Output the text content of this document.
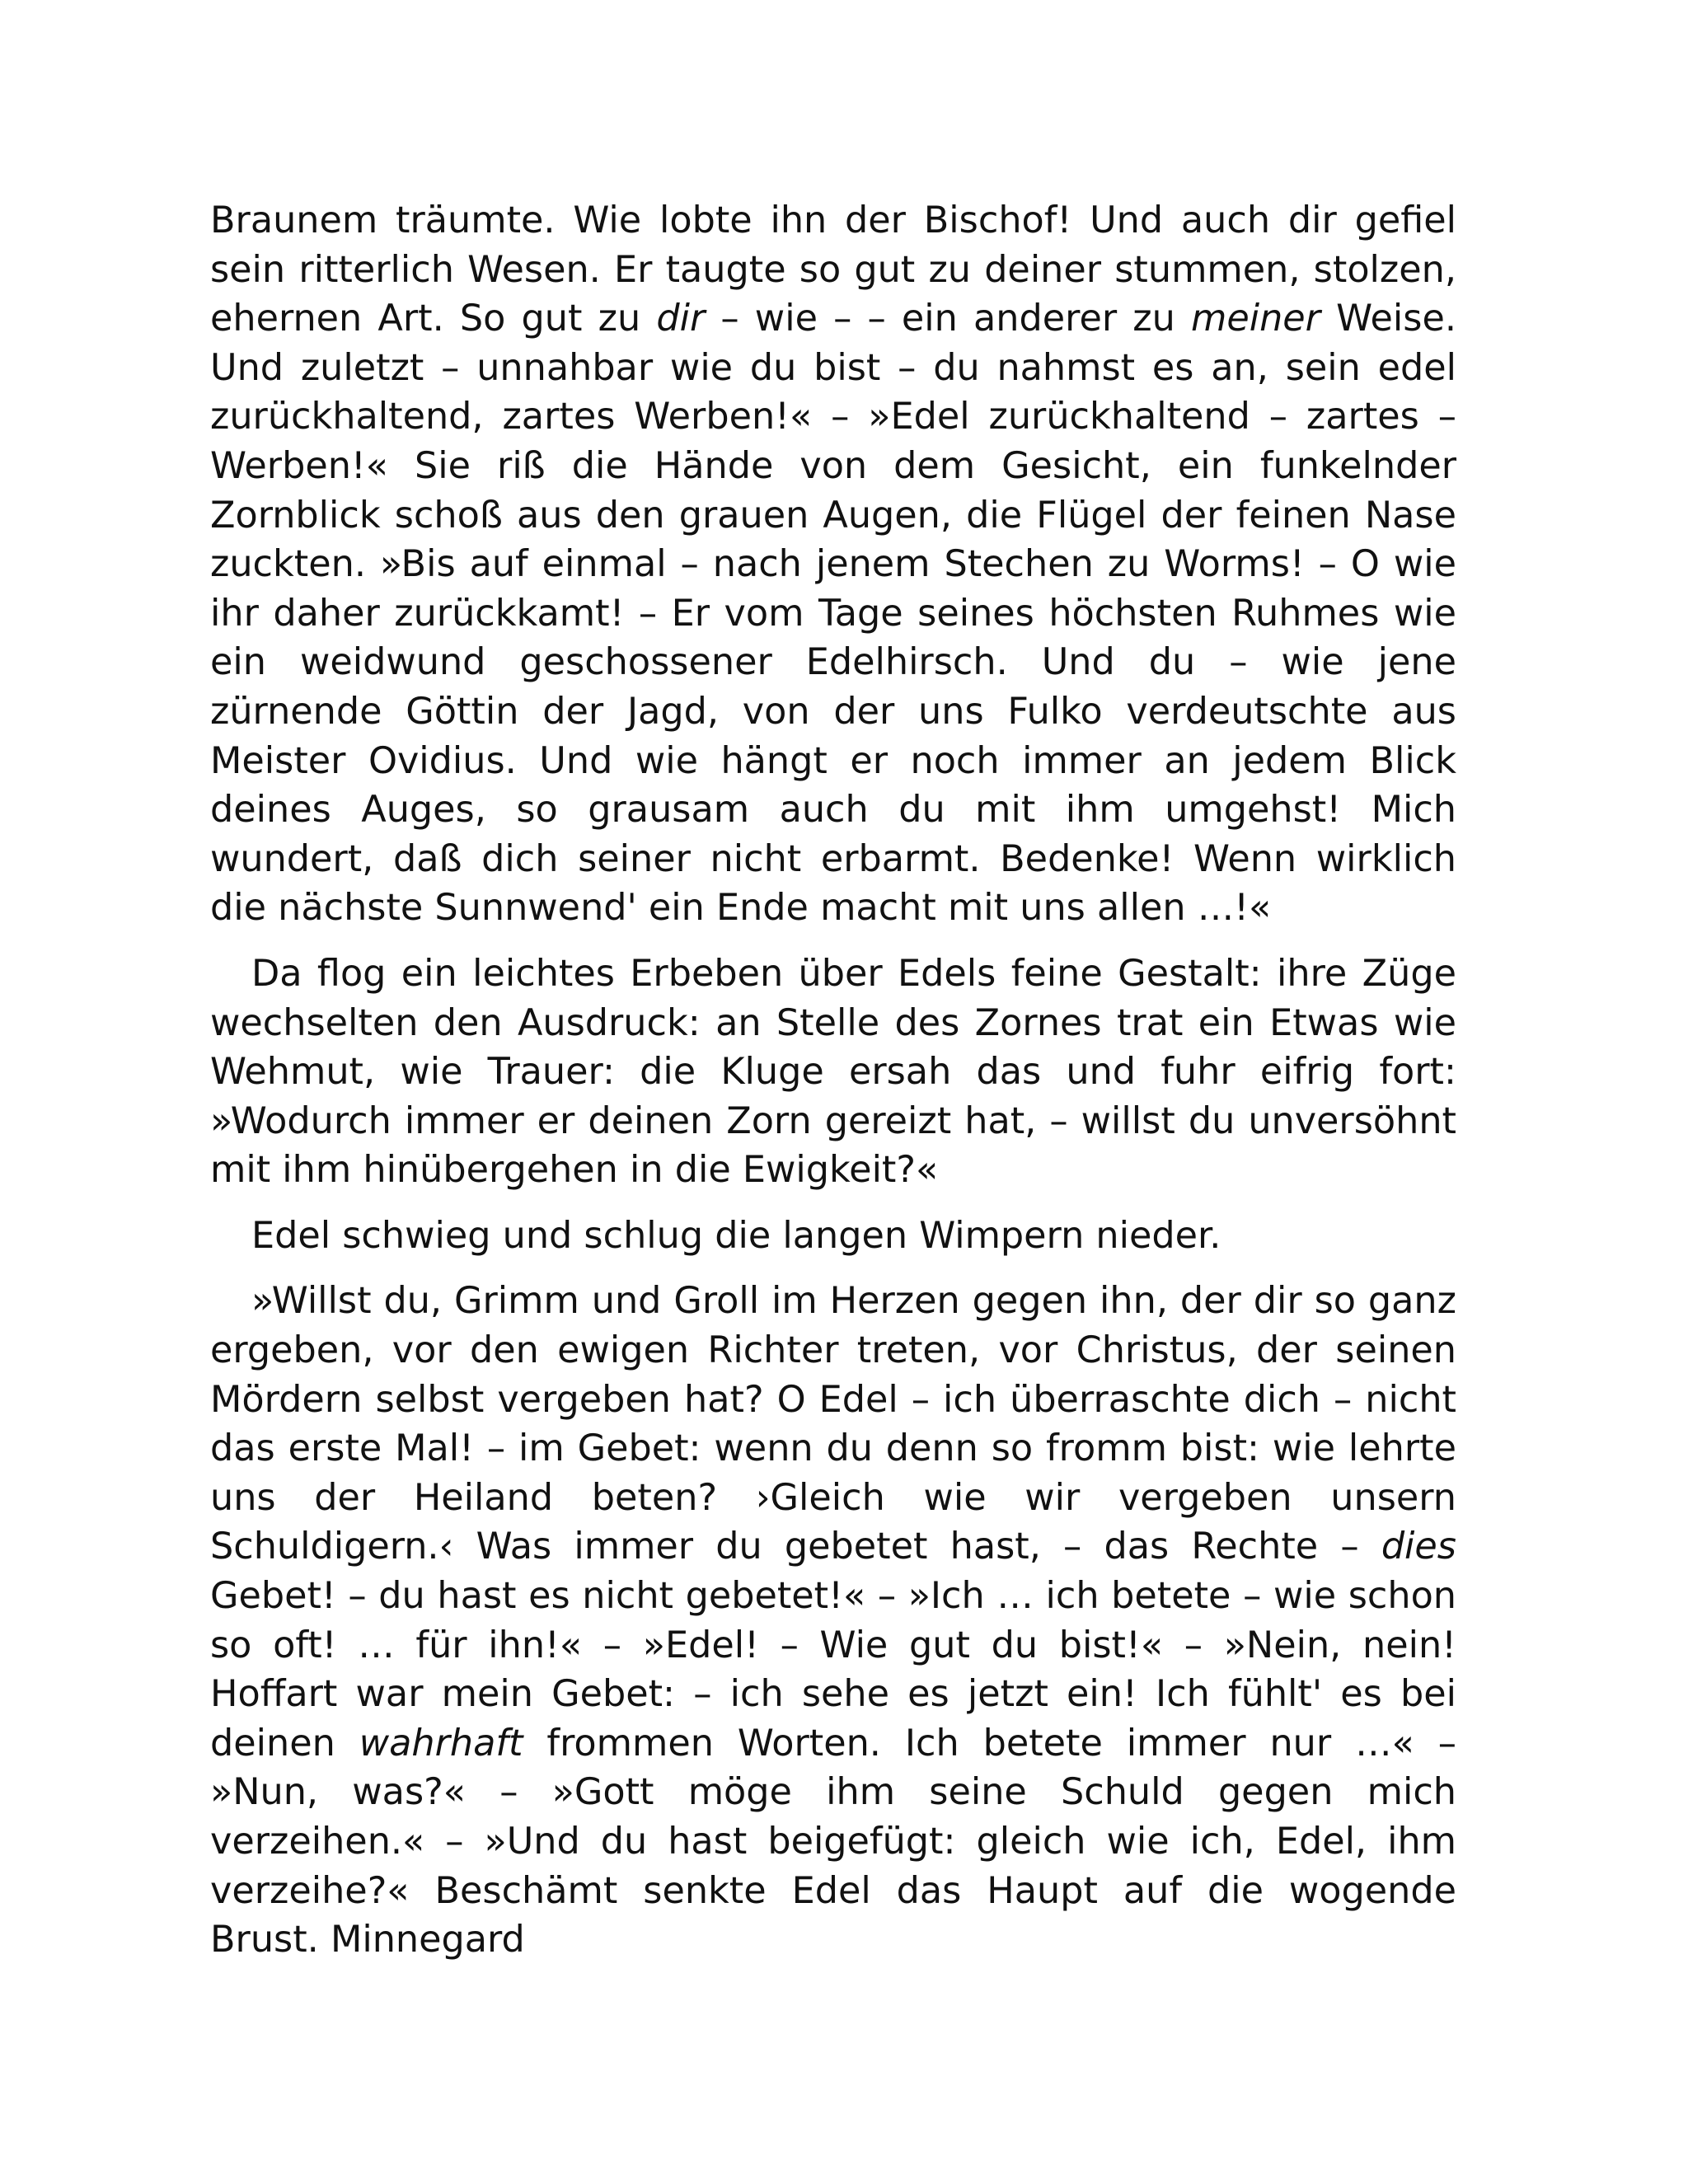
Braunem träumte. Wie lobte ihn der Bischof! Und auch dir gefiel sein ritterlich Wesen. Er taugte so gut zu deiner stummen, stolzen, ehernen Art. So gut zu dir – wie – – ein anderer zu meiner Weise. Und zuletzt – unnahbar wie du bist – du nahmst es an, sein edel zurückhaltend, zartes Werben!« – »Edel zurückhaltend – zartes – Werben!« Sie riß die Hände von dem Gesicht, ein funkelnder Zornblick schoß aus den grauen Augen, die Flügel der feinen Nase zuckten. »Bis auf einmal – nach jenem Stechen zu Worms! – O wie ihr daher zurückkamt! – Er vom Tage seines höchsten Ruhmes wie ein weidwund geschossener Edelhirsch. Und du – wie jene zürnende Göttin der Jagd, von der uns Fulko verdeutschte aus Meister Ovidius. Und wie hängt er noch immer an jedem Blick deines Auges, so grausam auch du mit ihm umgehst! Mich wundert, daß dich seiner nicht erbarmt. Bedenke! Wenn wirklich die nächste Sunnwend' ein Ende macht mit uns allen …!«

Da flog ein leichtes Erbeben über Edels feine Gestalt: ihre Züge wechselten den Ausdruck: an Stelle des Zornes trat ein Etwas wie Wehmut, wie Trauer: die Kluge ersah das und fuhr eifrig fort: »Wodurch immer er deinen Zorn gereizt hat, – willst du unversöhnt mit ihm hinübergehen in die Ewigkeit?«

Edel schwieg und schlug die langen Wimpern nieder.

»Willst du, Grimm und Groll im Herzen gegen ihn, der dir so ganz ergeben, vor den ewigen Richter treten, vor Christus, der seinen Mördern selbst vergeben hat? O Edel – ich überraschte dich – nicht das erste Mal! – im Gebet: wenn du denn so fromm bist: wie lehrte uns der Heiland beten? ›Gleich wie wir vergeben unsern Schuldigern.‹ Was immer du gebetet hast, – das Rechte – dies Gebet! – du hast es nicht gebetet!« – »Ich … ich betete – wie schon so oft! … für ihn!« – »Edel! – Wie gut du bist!« – »Nein, nein! Hoffart war mein Gebet: – ich sehe es jetzt ein! Ich fühlt' es bei deinen wahrhaft frommen Worten. Ich betete immer nur …« – »Nun, was?« – »Gott möge ihm seine Schuld gegen mich verzeihen.« – »Und du hast beigefügt: gleich wie ich, Edel, ihm verzeihe?« Beschämt senkte Edel das Haupt auf die wogende Brust. Minnegard
